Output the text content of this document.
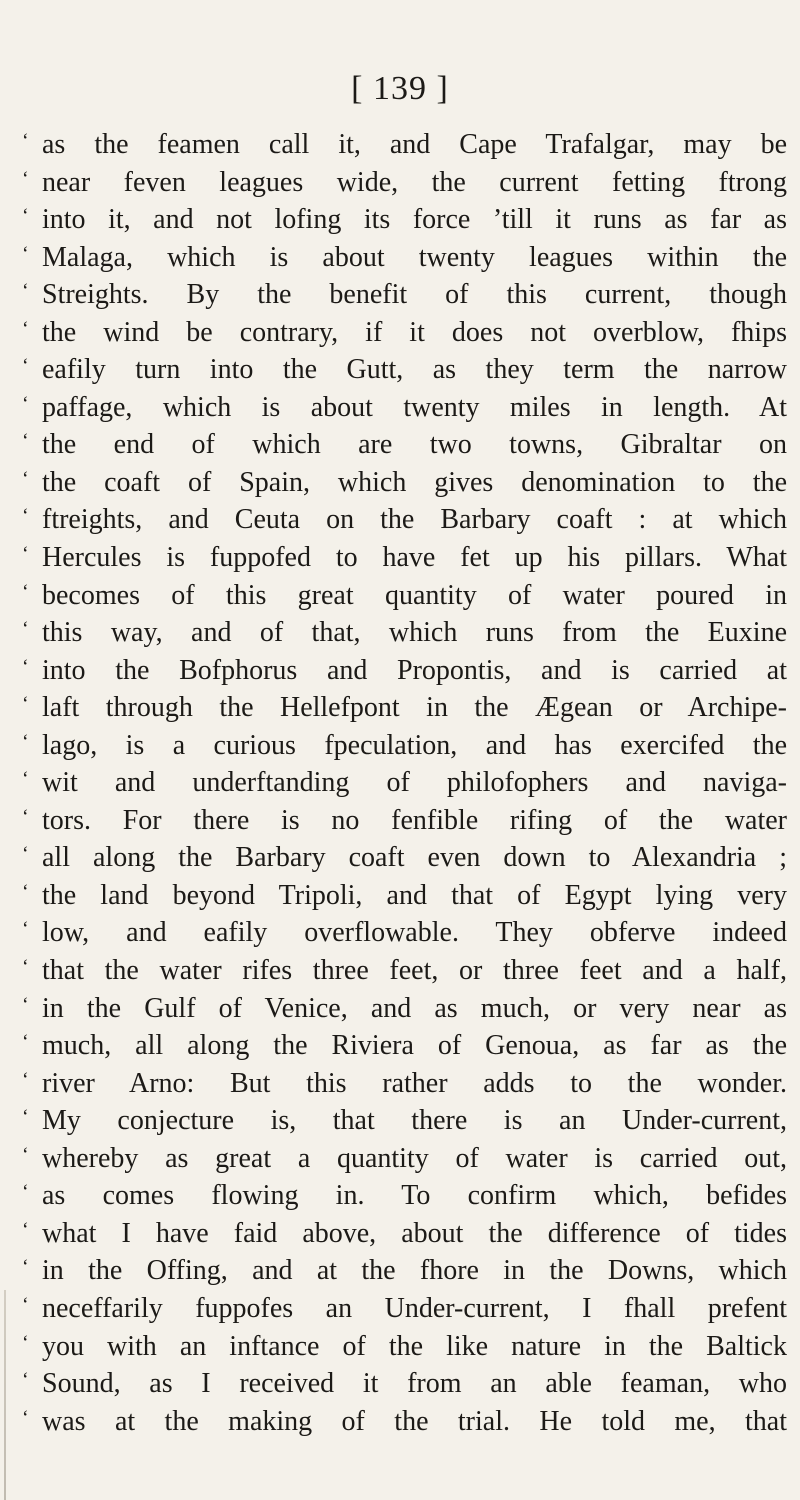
[ 139 ]
‘ as the feamen call it, and Cape Trafalgar, may be
‘ near feven leagues wide, the current fetting ftrong
‘ into it, and not lofing its force ’till it runs as far as
‘ Malaga, which is about twenty leagues within the
‘ Streights. By the benefit of this current, though
‘ the wind be contrary, if it does not overblow, fhips
‘ eafily turn into the Gutt, as they term the narrow
‘ paffage, which is about twenty miles in length. At
‘ the end of which are two towns, Gibraltar on
‘ the coaft of Spain, which gives denomination to the
‘ ftreights, and Ceuta on the Barbary coaft : at which
‘ Hercules is fuppofed to have fet up his pillars. What
‘ becomes of this great quantity of water poured in
‘ this way, and of that, which runs from the Euxine
‘ into the Bofphorus and Propontis, and is carried at
‘ laft through the Hellefpont in the Ægean or Archipe-
‘ lago, is a curious fpeculation, and has exercifed the
‘ wit and underftanding of philofophers and naviga-
‘ tors. For there is no fenfible rifing of the water
‘ all along the Barbary coaft even down to Alexandria ;
‘ the land beyond Tripoli, and that of Egypt lying very
‘ low, and eafily overflowable. They obferve indeed
‘ that the water rifes three feet, or three feet and a half,
‘ in the Gulf of Venice, and as much, or very near as
‘ much, all along the Riviera of Genoua, as far as the
‘ river Arno: But this rather adds to the wonder.
‘ My conjecture is, that there is an Under-current,
‘ whereby as great a quantity of water is carried out,
‘ as comes flowing in. To confirm which, befides
‘ what I have faid above, about the difference of tides
‘ in the Offing, and at the fhore in the Downs, which
‘ neceffarily fuppofes an Under-current, I fhall prefent
‘ you with an inftance of the like nature in the Baltick
‘ Sound, as I received it from an able feaman, who
‘ was at the making of the trial. He told me, that
